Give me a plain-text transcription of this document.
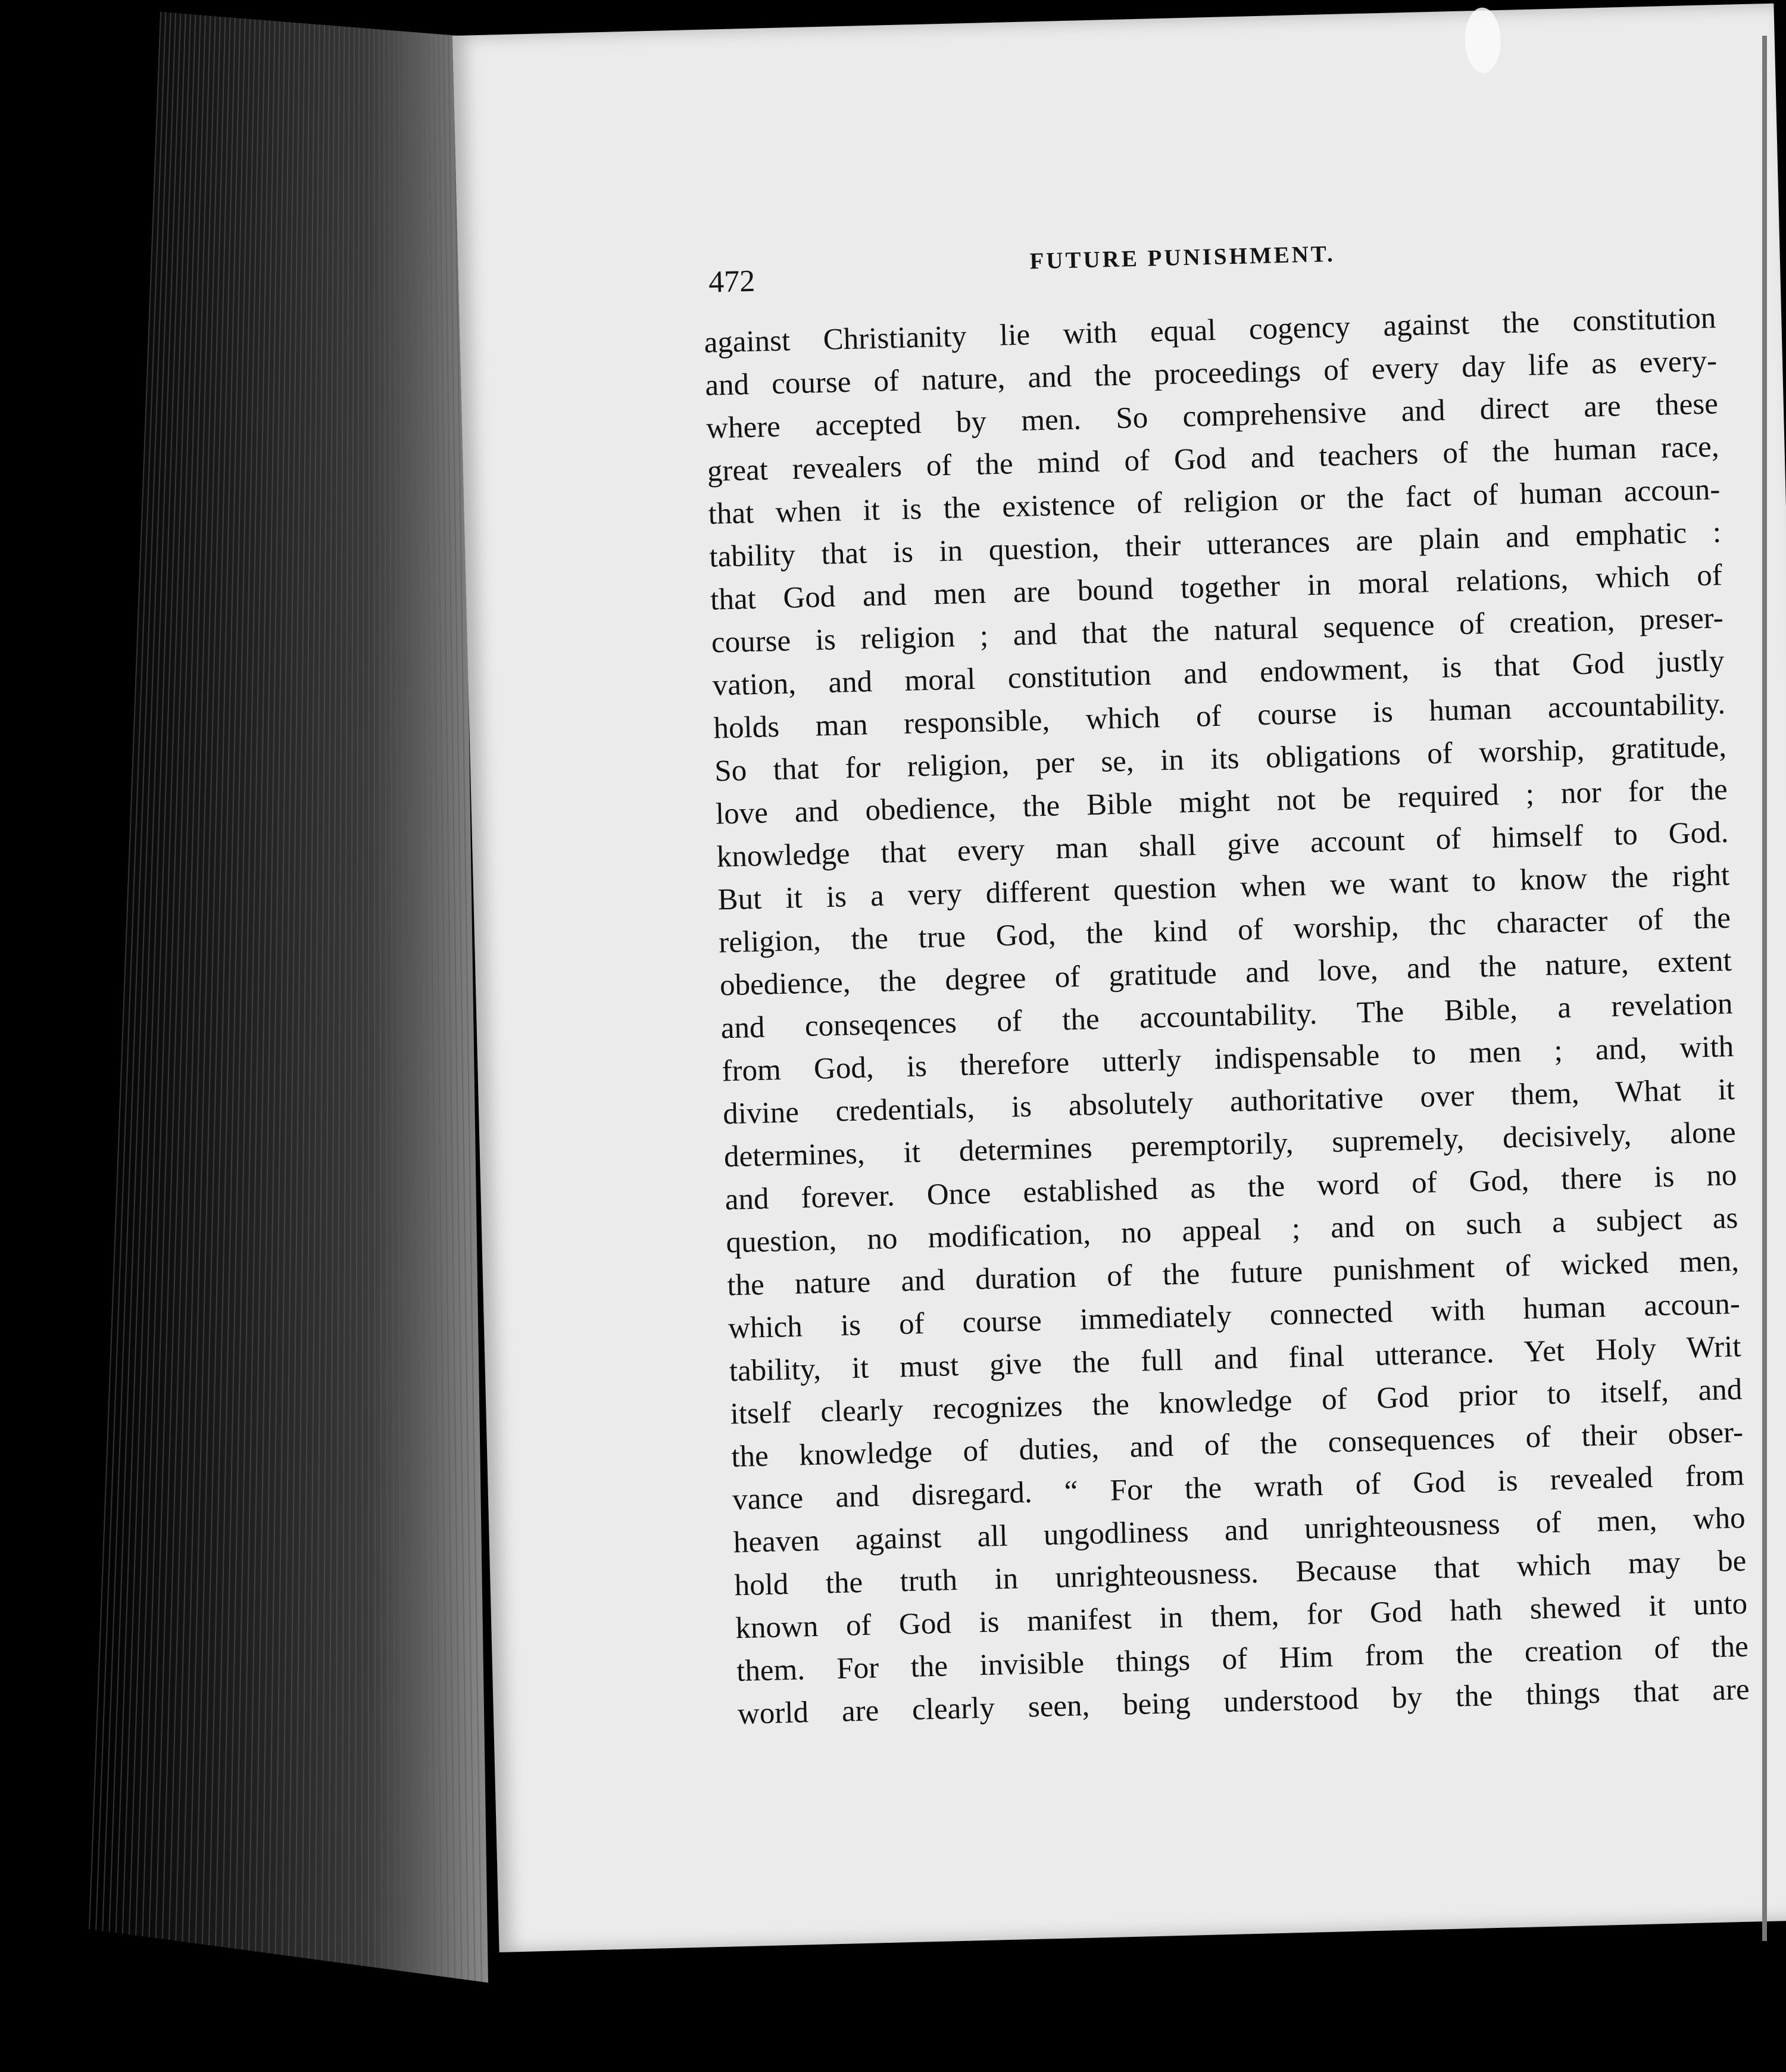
472
FUTURE PUNISHMENT.
against Christianity lie with equal cogency against the constitution
and course of nature, and the proceedings of every day life as every-
where accepted by men. So comprehensive and direct are these
great revealers of the mind of God and teachers of the human race,
that when it is the existence of religion or the fact of human accoun-
tability that is in question, their utterances are plain and emphatic :
that God and men are bound together in moral relations, which of
course is religion ; and that the natural sequence of creation, preser-
vation, and moral constitution and endowment, is that God justly
holds man responsible, which of course is human accountability.
So that for religion, per se, in its obligations of worship, gratitude,
love and obedience, the Bible might not be required ; nor for the
knowledge that every man shall give account of himself to God.
But it is a very different question when we want to know the right
religion, the true God, the kind of worship, thc character of the
obedience, the degree of gratitude and love, and the nature, extent
and conseqences of the accountability. The Bible, a revelation
from God, is therefore utterly indispensable to men ; and, with
divine credentials, is absolutely authoritative over them, What it
determines, it determines peremptorily, supremely, decisively, alone
and forever. Once established as the word of God, there is no
question, no modification, no appeal ; and on such a subject as
the nature and duration of the future punishment of wicked men,
which is of course immediately connected with human accoun-
tability, it must give the full and final utterance. Yet Holy Writ
itself clearly recognizes the knowledge of God prior to itself, and
the knowledge of duties, and of the consequences of their obser-
vance and disregard. “ For the wrath of God is revealed from
heaven against all ungodliness and unrighteousness of men, who
hold the truth in unrighteousness. Because that which may be
known of God is manifest in them, for God hath shewed it unto
them. For the invisible things of Him from the creation of the
world are clearly seen, being understood by the things that are
